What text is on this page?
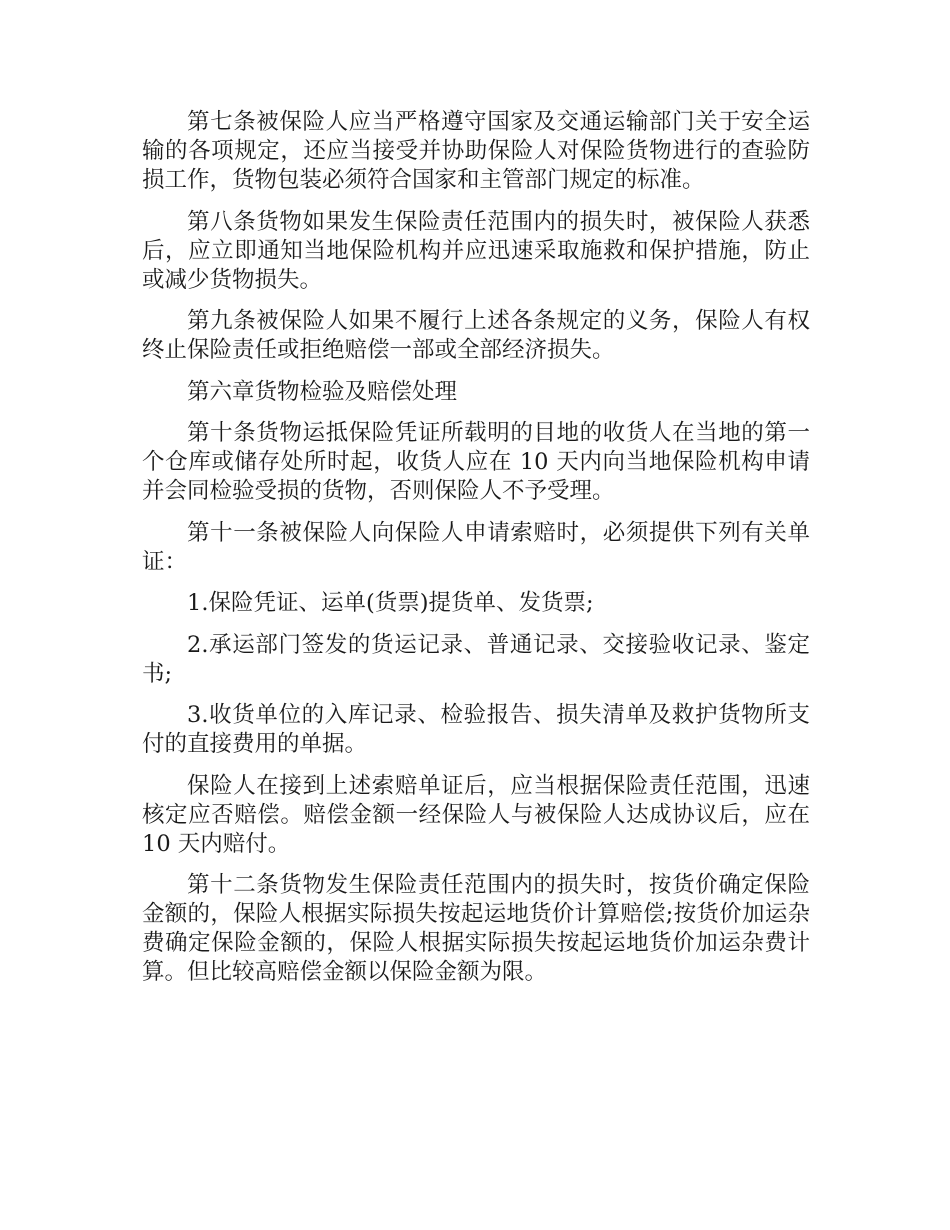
第七条被保险人应当严格遵守国家及交通运输部门关于安全运输的各项规定，还应当接受并协助保险人对保险货物进行的查验防损工作，货物包装必须符合国家和主管部门规定的标准。

第八条货物如果发生保险责任范围内的损失时，被保险人获悉后，应立即通知当地保险机构并应迅速采取施救和保护措施，防止或减少货物损失。

第九条被保险人如果不履行上述各条规定的义务，保险人有权终止保险责任或拒绝赔偿一部或全部经济损失。

第六章货物检验及赔偿处理

第十条货物运抵保险凭证所载明的目地的收货人在当地的第一个仓库或储存处所时起，收货人应在 10 天内向当地保险机构申请并会同检验受损的货物，否则保险人不予受理。

第十一条被保险人向保险人申请索赔时，必须提供下列有关单证：

1.保险凭证、运单(货票)提货单、发货票;

2.承运部门签发的货运记录、普通记录、交接验收记录、鉴定书;

3.收货单位的入库记录、检验报告、损失清单及救护货物所支付的直接费用的单据。

保险人在接到上述索赔单证后，应当根据保险责任范围，迅速核定应否赔偿。赔偿金额一经保险人与被保险人达成协议后，应在 10 天内赔付。

第十二条货物发生保险责任范围内的损失时，按货价确定保险金额的，保险人根据实际损失按起运地货价计算赔偿;按货价加运杂费确定保险金额的，保险人根据实际损失按起运地货价加运杂费计算。但比较高赔偿金额以保险金额为限。
